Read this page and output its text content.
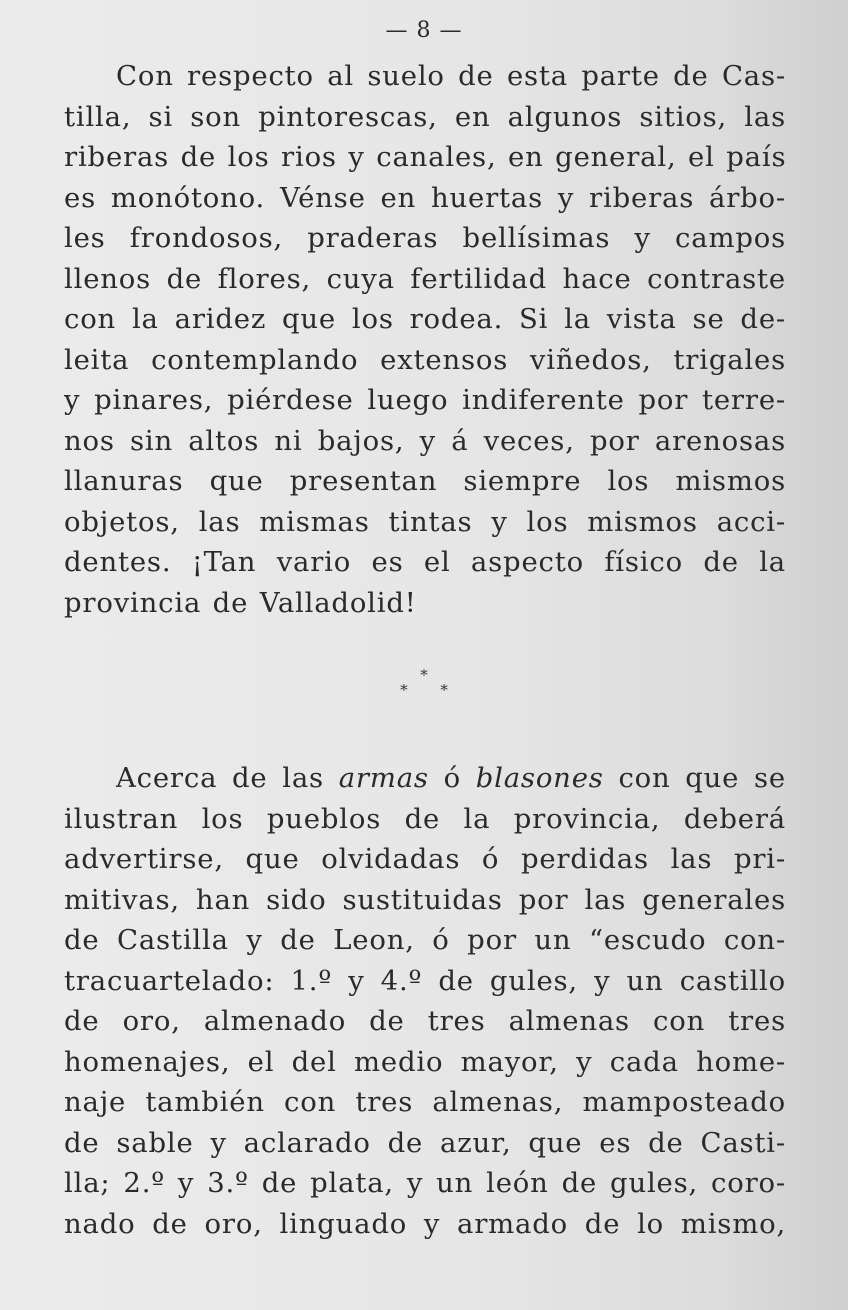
— 8 —
Con respecto al suelo de esta parte de Cas-
tilla, si son pintorescas, en algunos sitios, las
riberas de los rios y canales, en general, el país
es monótono. Vénse en huertas y riberas árbo-
les frondosos, praderas bellísimas y campos
llenos de flores, cuya fertilidad hace contraste
con la aridez que los rodea. Si la vista se de-
leita contemplando extensos viñedos, trigales
y pinares, piérdese luego indiferente por terre-
nos sin altos ni bajos, y á veces, por arenosas
llanuras que presentan siempre los mismos
objetos, las mismas tintas y los mismos acci-
dentes. ¡Tan vario es el aspecto físico de la
provincia de Valladolid!
*
* *
Acerca de las armas ó blasones con que se
ilustran los pueblos de la provincia, deberá
advertirse, que olvidadas ó perdidas las pri-
mitivas, han sido sustituidas por las generales
de Castilla y de Leon, ó por un “escudo con-
tracuartelado: 1.º y 4.º de gules, y un castillo
de oro, almenado de tres almenas con tres
homenajes, el del medio mayor, y cada home-
naje también con tres almenas, mamposteado
de sable y aclarado de azur, que es de Casti-
lla; 2.º y 3.º de plata, y un león de gules, coro-
nado de oro, linguado y armado de lo mismo,
